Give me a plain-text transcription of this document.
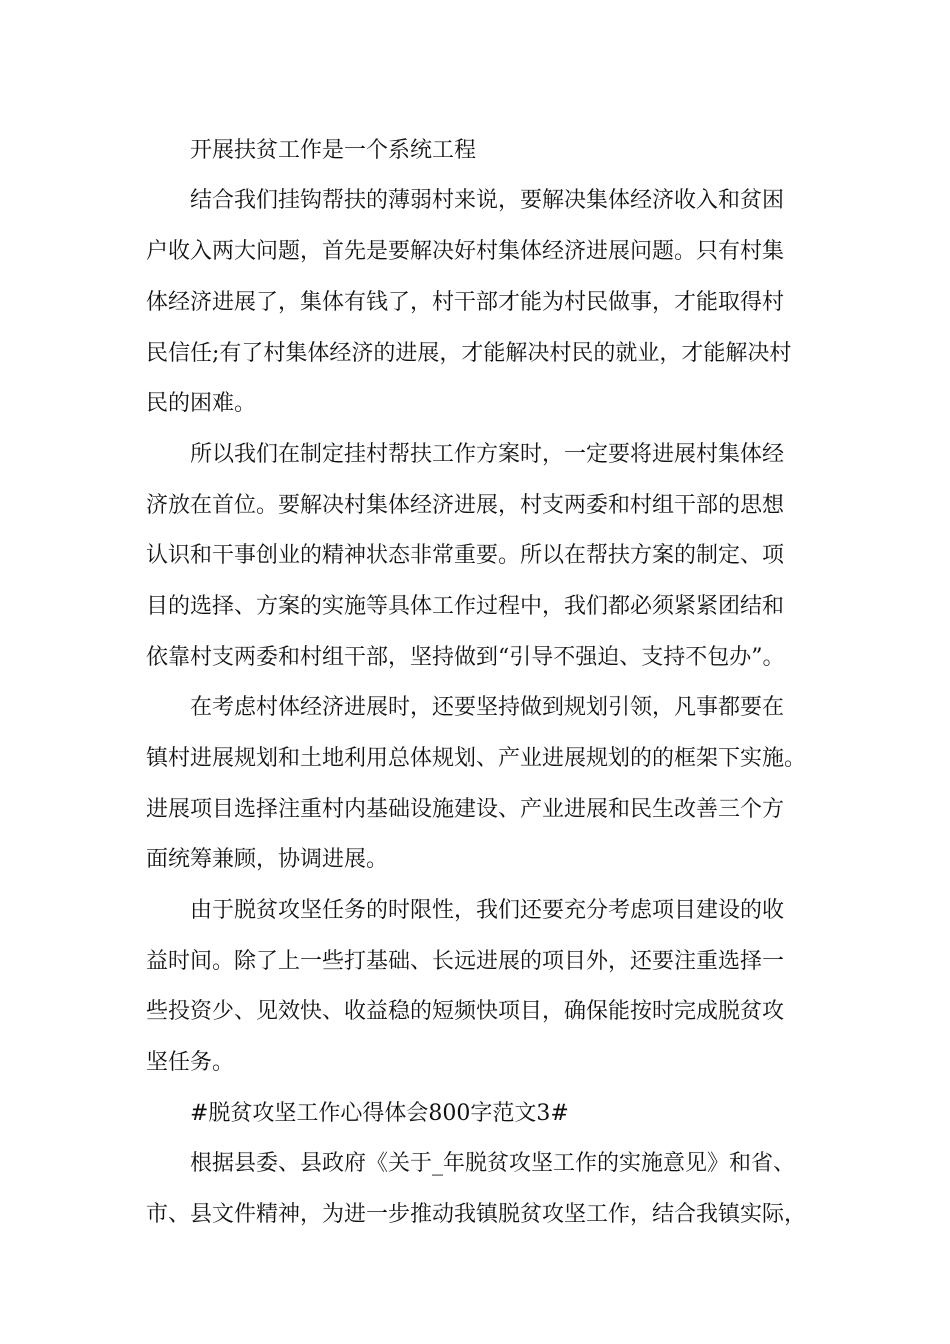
开展扶贫工作是一个系统工程
结合我们挂钩帮扶的薄弱村来说，要解决集体经济收入和贫困
户收入两大问题，首先是要解决好村集体经济进展问题。只有村集
体经济进展了，集体有钱了，村干部才能为村民做事，才能取得村
民信任;有了村集体经济的进展，才能解决村民的就业，才能解决村
民的困难。
所以我们在制定挂村帮扶工作方案时，一定要将进展村集体经
济放在首位。要解决村集体经济进展，村支两委和村组干部的思想
认识和干事创业的精神状态非常重要。所以在帮扶方案的制定、项
目的选择、方案的实施等具体工作过程中，我们都必须紧紧团结和
依靠村支两委和村组干部，坚持做到“引导不强迫、支持不包办”。
在考虑村体经济进展时，还要坚持做到规划引领，凡事都要在
镇村进展规划和土地利用总体规划、产业进展规划的的框架下实施。
进展项目选择注重村内基础设施建设、产业进展和民生改善三个方
面统筹兼顾，协调进展。
由于脱贫攻坚任务的时限性，我们还要充分考虑项目建设的收
益时间。除了上一些打基础、长远进展的项目外，还要注重选择一
些投资少、见效快、收益稳的短频快项目，确保能按时完成脱贫攻
坚任务。
#脱贫攻坚工作心得体会800字范文3#
根据县委、县政府《关于_年脱贫攻坚工作的实施意见》和省、
市、县文件精神，为进一步推动我镇脱贫攻坚工作，结合我镇实际，
